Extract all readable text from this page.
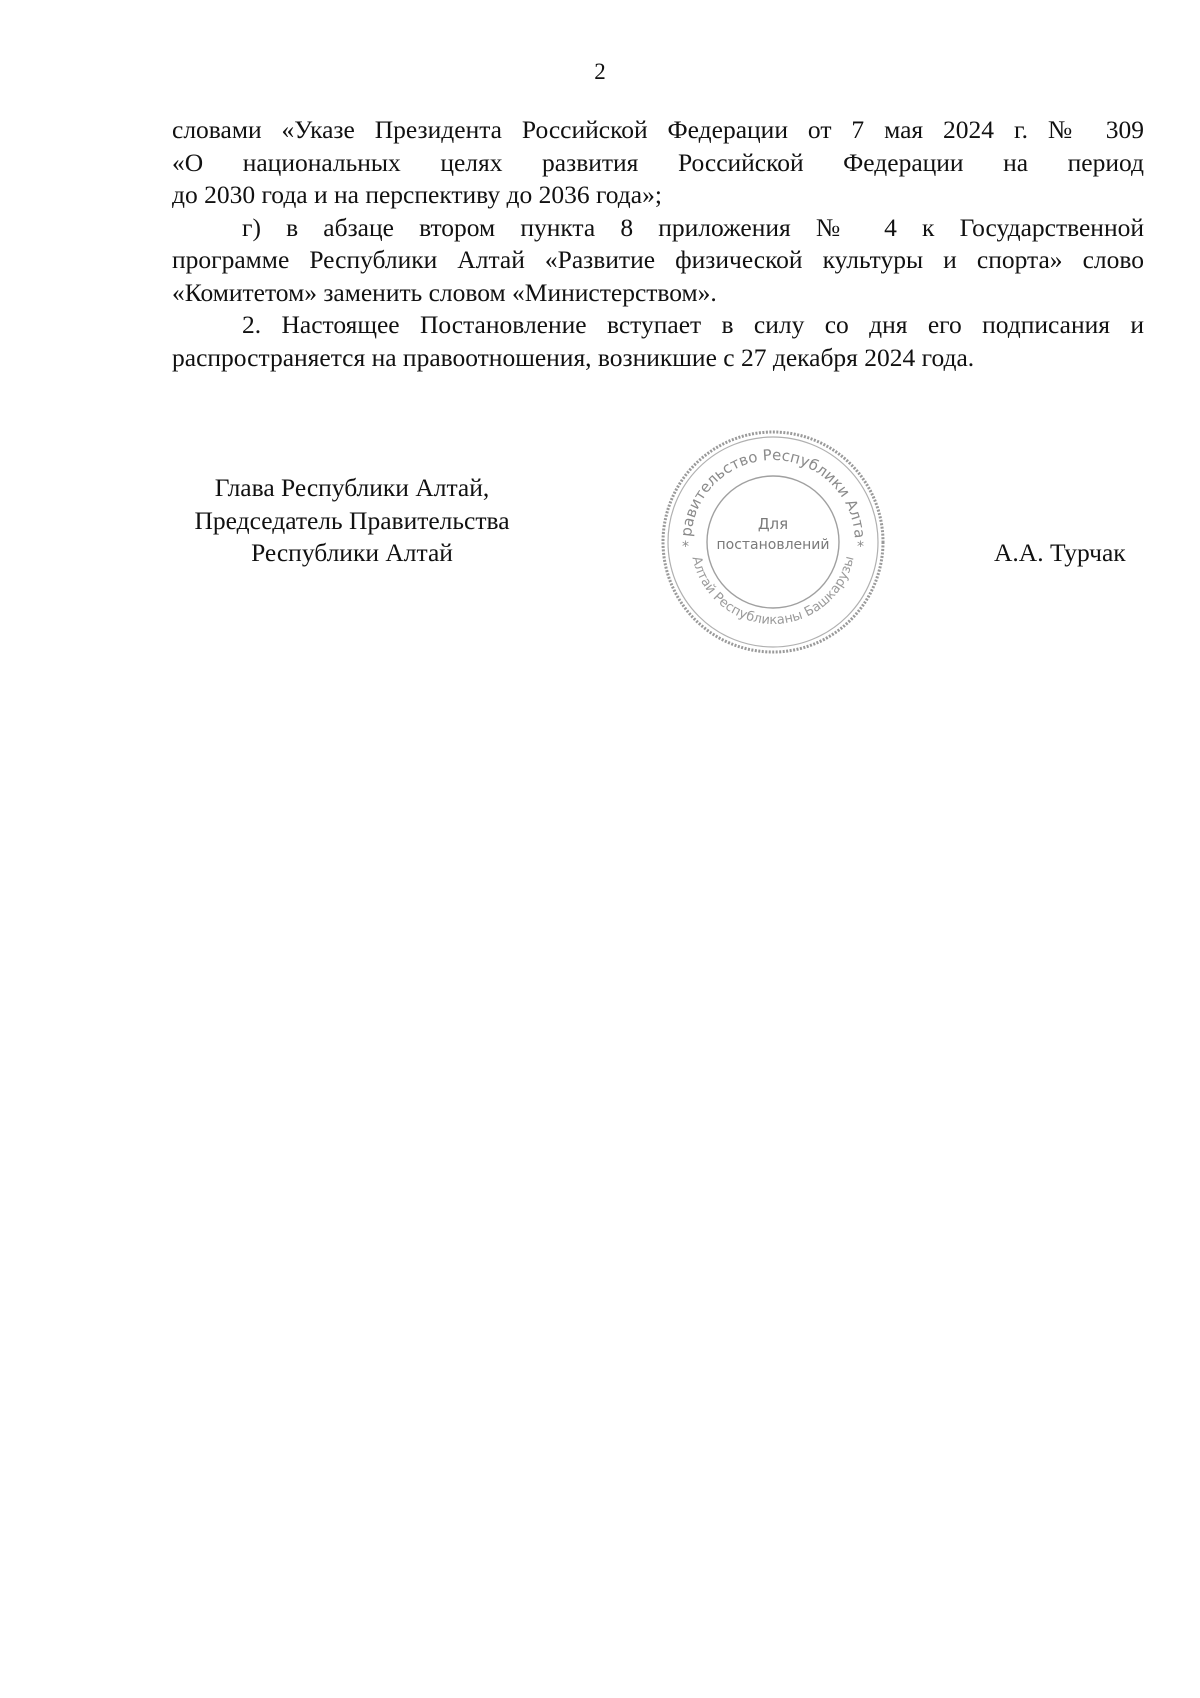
2

словами «Указе Президента Российской Федерации от 7 мая 2024 г. № 309
«О национальных целях развития Российской Федерации на период
до 2030 года и на перспективу до 2036 года»;

г) в абзаце втором пункта 8 приложения № 4 к Государственной
программе Республики Алтай «Развитие физической культуры и спорта» слово
«Комитетом» заменить словом «Министерством».

2. Настоящее Постановление вступает в силу со дня его подписания и
распространяется на правоотношения, возникшие с 27 декабря 2024 года.

Глава Республики Алтай,
Председатель Правительства
Республики Алтай
равительство Республики Алта
Алтай Республиканы Башкарузы
*	*
Для
постановлений	А.А. Турчак
